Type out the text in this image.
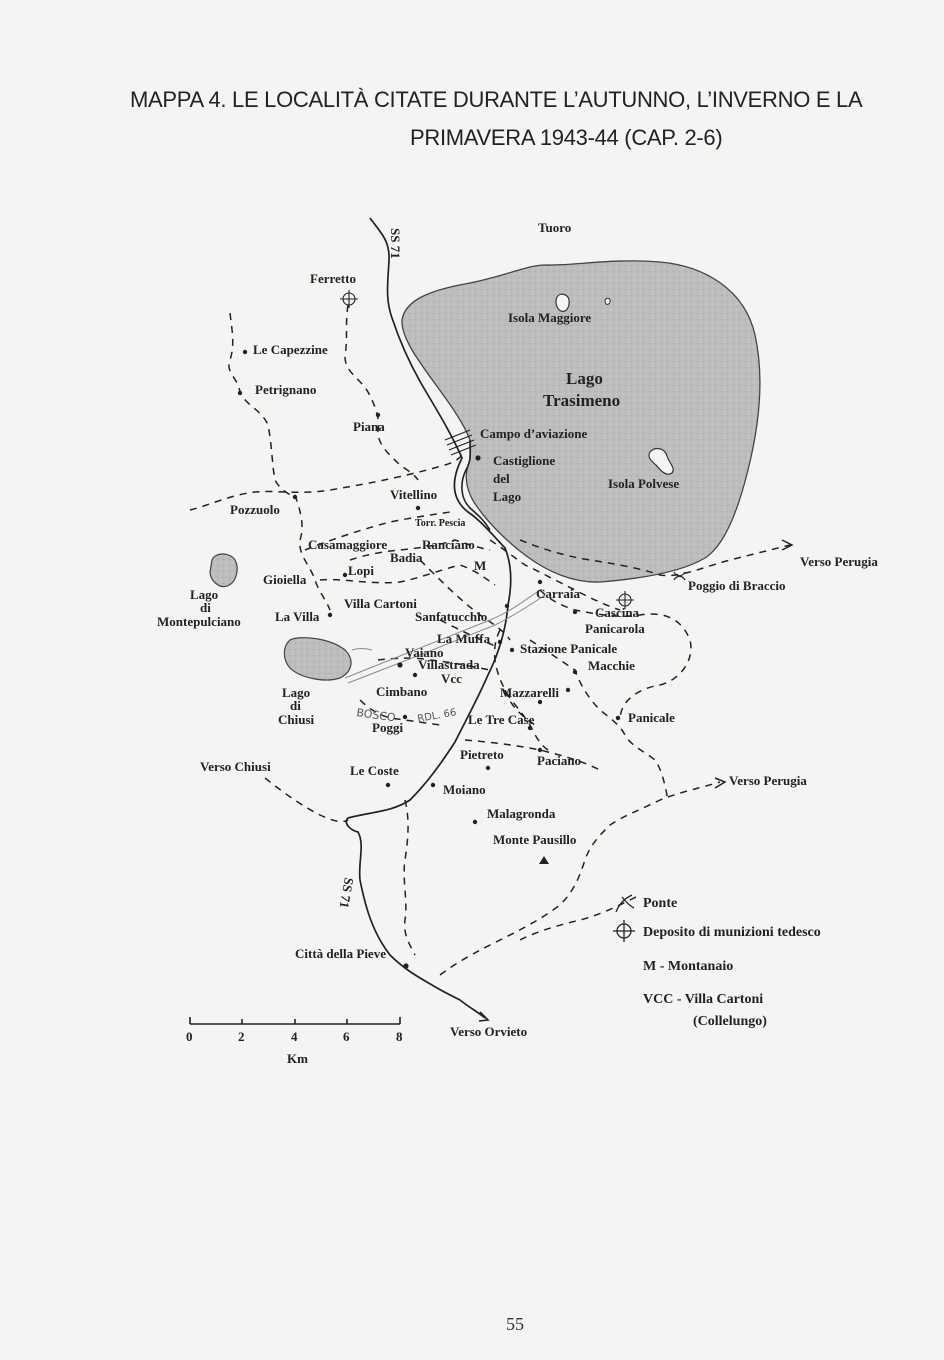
MAPPA 4. LE LOCALITÀ CITATE DURANTE L’AUTUNNO, L’INVERNO E LA
PRIMAVERA 1943-44 (CAP. 2-6)
SS 71
SS 71
Verso Perugia
Verso Perugia
Verso Chiusi
Verso Orvieto
Lago
Trasimeno
Lago
di
Montepulciano
Lago
di
Chiusi
Isola Maggiore
Isola Polvese
Tuoro
Ferretto
Le Capezzine
Petrignano
Piana	Campo d’aviazione
Castiglione
del
Lago
Pozzuolo
Vitellino
Torr. Pescia
Casamaggiore	Ranciano
Badia
M
Lopi
Gioiella
Carraia
Poggio di Braccio
Villa Cartoni
La Villa	Sanfatucchio	Cascina
Panicarola
La Muffa
Stazione Panicale
Vaiano
Villastrada
Vcc
Macchie
Cimbano	Mazzarelli
Panicale
Poggi
Le Tre Case
Pietreto	Paciano
Le Coste
Moiano
Malagronda
Monte Pausillo
Città della Pieve
BOSCO RDL. 66
0	2	4	6	8
Km
Ponte
Deposito di munizioni tedesco
M - Montanaio
VCC - Villa Cartoni
(Collelungo)

55
